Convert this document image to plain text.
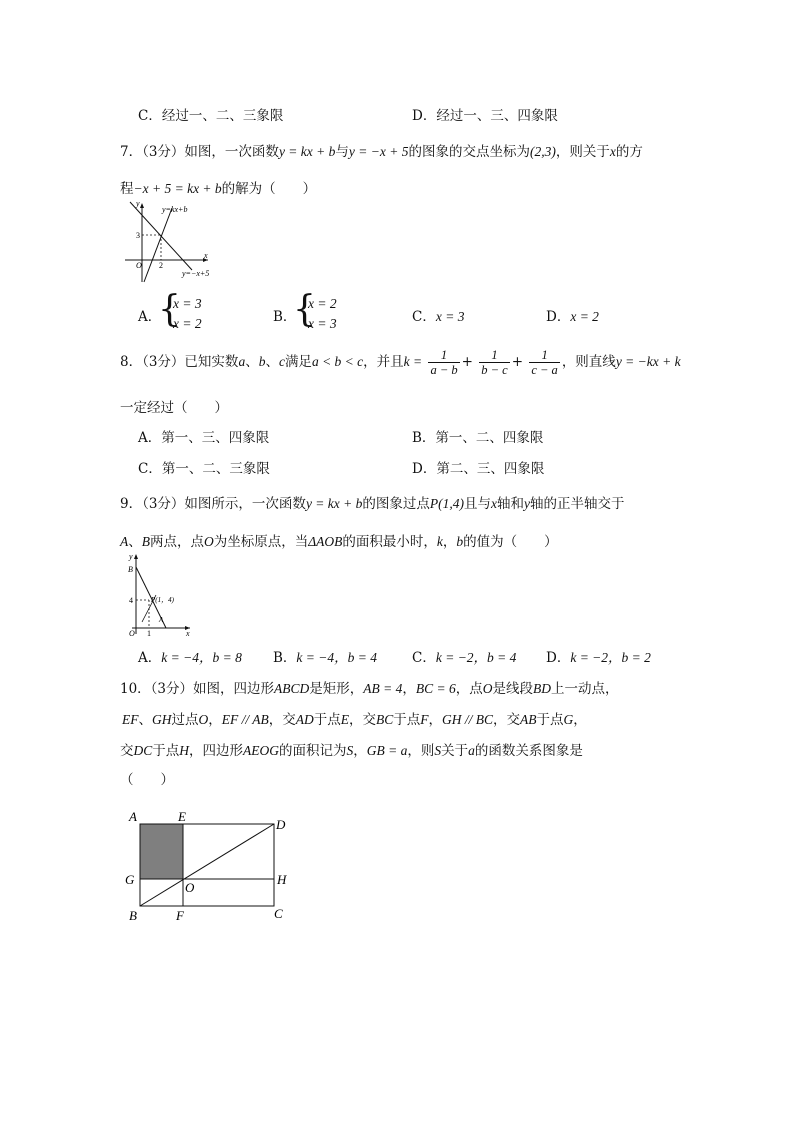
C．经过一、二、三象限	D．经过一、三、四象限
7．（3分）如图，一次函数y = kx + b与y = −x + 5的图象的交点坐标为(2,3)，则关于x的方
程−x + 5 = kx + b的解为（　　）
y
x
O
3
2
y=kx+b
y=−x+5
A．
{
x = 3
x = 2	B．
{
x = 2
x = 3	C．x = 3	D．x = 2
8．（3分）已知实数a、b、c满足a < b < c，并且$k = \frac{1}{a - b} + \frac{1}{b - c} + \frac{1}{c - a}$ ，则直线y = −kx + k
一定经过（　　）
A．第一、三、四象限	B．第一、二、四象限
C．第一、二、三象限	D．第二、三、四象限
9．（3分）如图所示，一次函数y = kx + b的图象过点P(1,4)且与x轴和y轴的正半轴交于
A、B两点，点O为坐标原点，当ΔAOB的面积最小时，k，b的值为（　　）
y
x
O
B
A
4
1
P(1，4)
A．k = −4，b = 8 B．k = −4，b = 4	C．k = −2，b = 4 D．k = −2，b = 2
10．（3分）如图，四边形ABCD是矩形，AB = 4，BC = 6，点O是线段BD上一动点，
EF、GH过点O，EF // AB，交AD于点E，交BC于点F，GH // BC，交AB于点G，
交DC于点H，四边形AEOG的面积记为S，GB = a，则S关于a的函数关系图象是
（　　）
A	E
D
G
O
H
B	F	C
